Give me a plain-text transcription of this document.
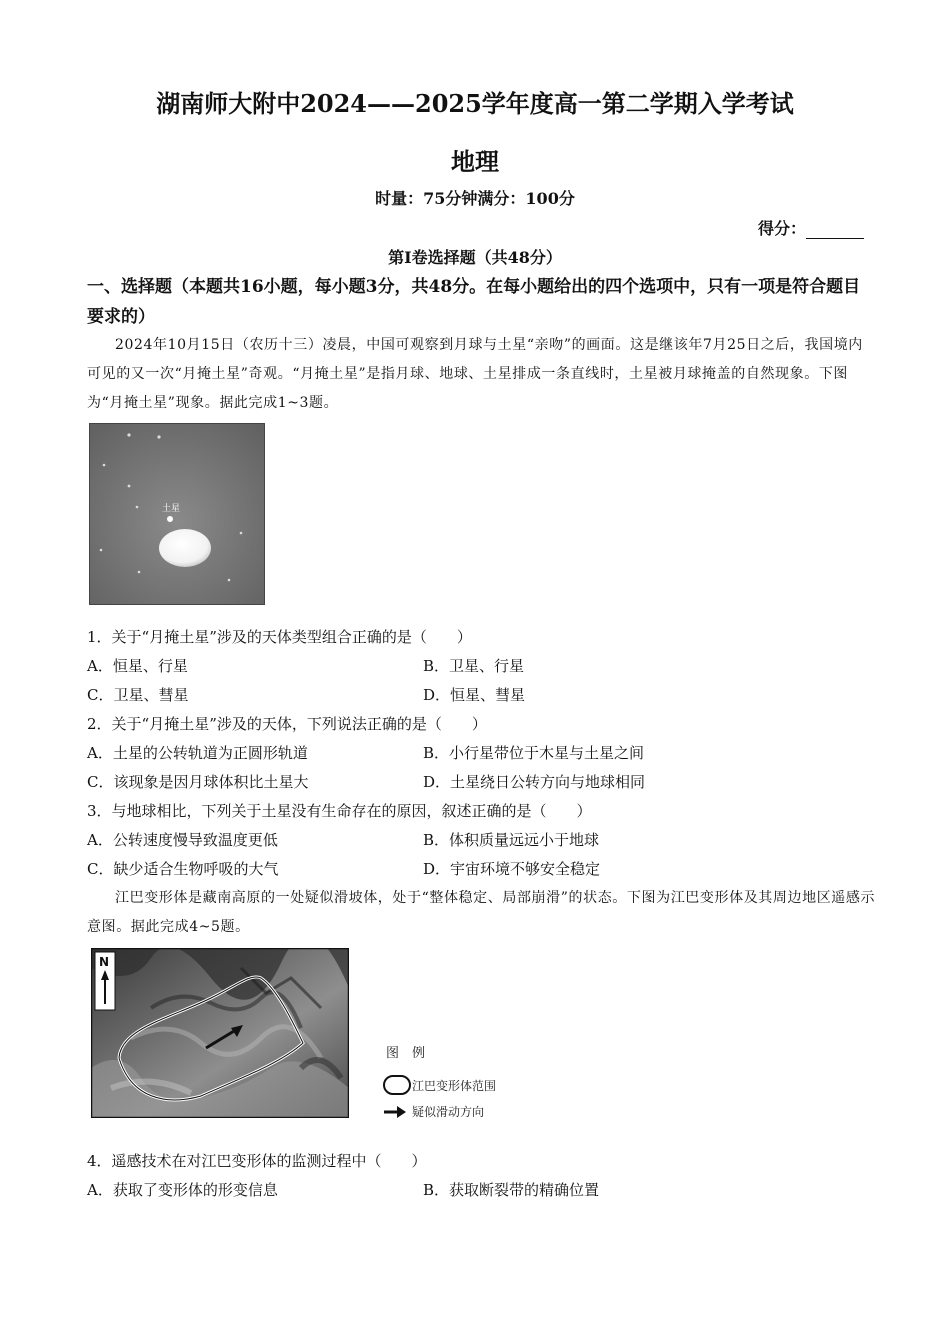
湖南师大附中2024——2025学年度高一第二学期入学考试
地理
时量：75分钟满分：100分
得分：
第Ⅰ卷选择题（共48分）
一、选择题（本题共16小题，每小题3分，共48分。在每小题给出的四个选项中，只有一项是符合题目要求的）
2024年10月15日（农历十三）凌晨，中国可观察到月球与土星“亲吻”的画面。这是继该年7月25日之后，我国境内可见的又一次“月掩土星”奇观。“月掩土星”是指月球、地球、土星排成一条直线时，土星被月球掩盖的自然现象。下图为“月掩土星”现象。据此完成1~3题。
土星
1．关于“月掩土星”涉及的天体类型组合正确的是（　　）
A．恒星、行星	B．卫星、行星
C．卫星、彗星	D．恒星、彗星
2．关于“月掩土星”涉及的天体，下列说法正确的是（　　）
A．土星的公转轨道为正圆形轨道	B．小行星带位于木星与土星之间
C．该现象是因月球体积比土星大	D．土星绕日公转方向与地球相同
3．与地球相比，下列关于土星没有生命存在的原因，叙述正确的是（　　）
A．公转速度慢导致温度更低	B．体积质量远远小于地球
C．缺少适合生物呼吸的大气	D．宇宙环境不够安全稳定
江巴变形体是藏南高原的一处疑似滑坡体，处于“整体稳定、局部崩滑”的状态。下图为江巴变形体及其周边地区遥感示意图。据此完成4~5题。
N
图　例
江巴变形体范围
疑似滑动方向
4．遥感技术在对江巴变形体的监测过程中（　　）
A．获取了变形体的形变信息	B．获取断裂带的精确位置
